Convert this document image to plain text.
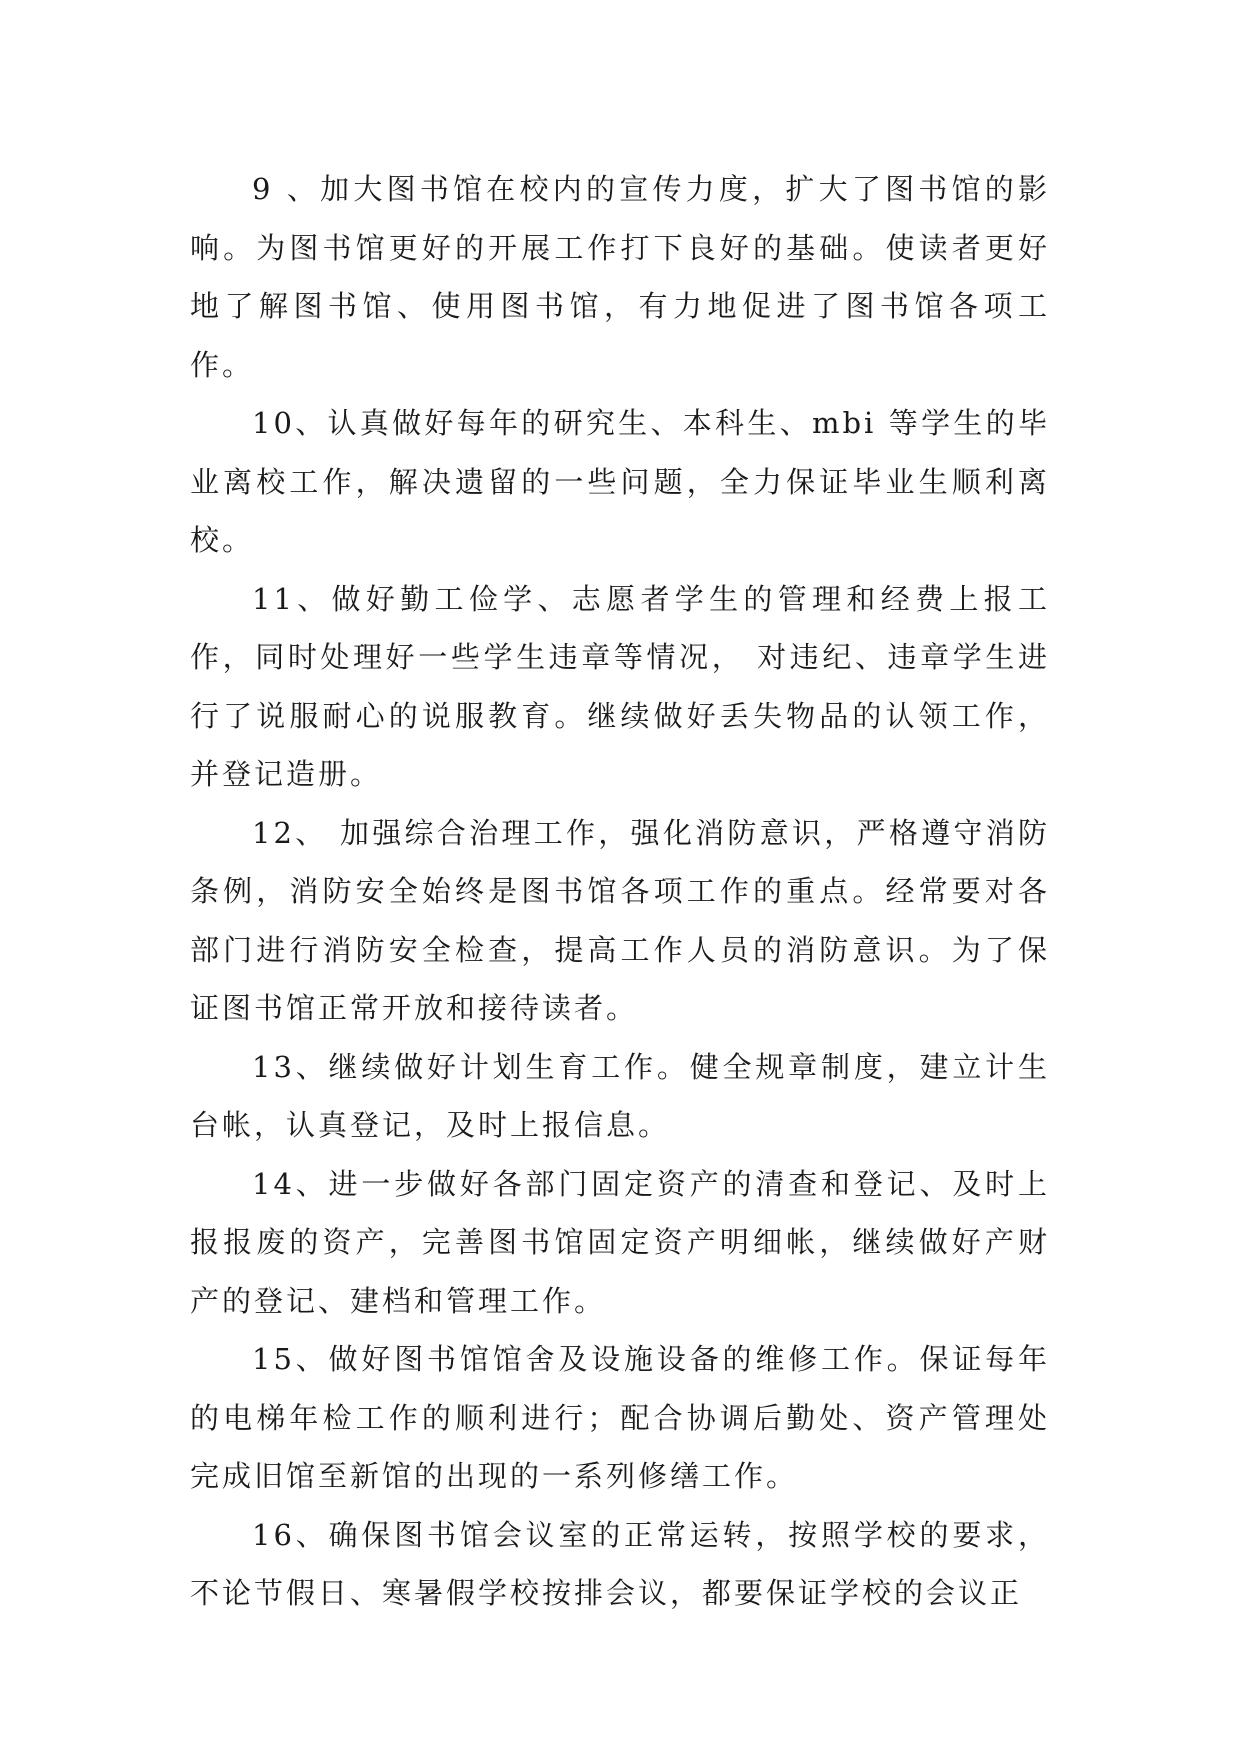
9 、加大图书馆在校内的宣传力度，扩大了图书馆的影响。为图书馆更好的开展工作打下良好的基础。使读者更好地了解图书馆、使用图书馆，有力地促进了图书馆各项工作。

10、认真做好每年的研究生、本科生、mbi 等学生的毕业离校工作，解决遗留的一些问题，全力保证毕业生顺利离校。

11、做好勤工俭学、志愿者学生的管理和经费上报工作，同时处理好一些学生违章等情况， 对违纪、违章学生进行了说服耐心的说服教育。继续做好丢失物品的认领工作，并登记造册。

12、 加强综合治理工作，强化消防意识，严格遵守消防条例，消防安全始终是图书馆各项工作的重点。经常要对各部门进行消防安全检查，提高工作人员的消防意识。为了保证图书馆正常开放和接待读者。

13、继续做好计划生育工作。健全规章制度，建立计生台帐，认真登记，及时上报信息。

14、进一步做好各部门固定资产的清查和登记、及时上报报废的资产，完善图书馆固定资产明细帐，继续做好产财产的登记、建档和管理工作。

15、做好图书馆馆舍及设施设备的维修工作。保证每年的电梯年检工作的顺利进行；配合协调后勤处、资产管理处完成旧馆至新馆的出现的一系列修缮工作。

16、确保图书馆会议室的正常运转，按照学校的要求，不论节假日、寒暑假学校按排会议，都要保证学校的会议正
